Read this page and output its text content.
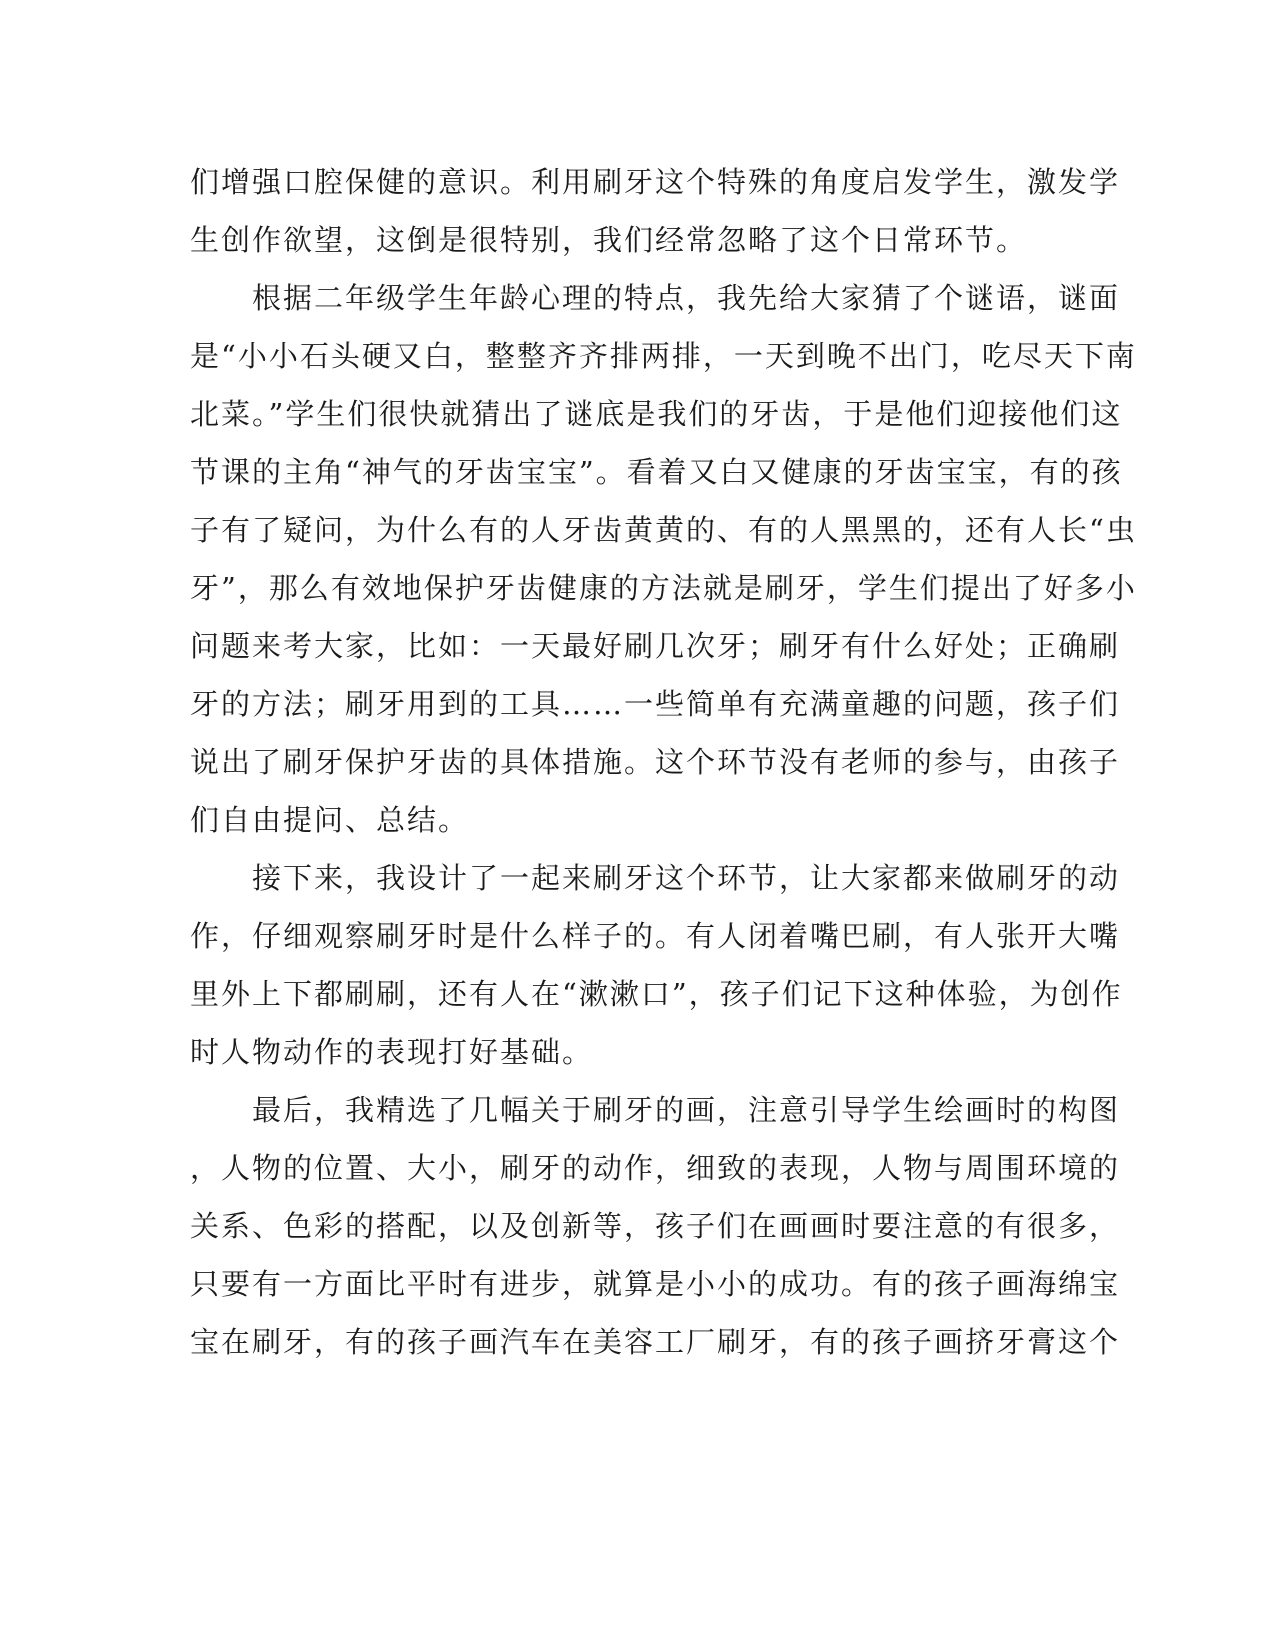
们增强口腔保健的意识。利用刷牙这个特殊的角度启发学生，激发学
生创作欲望，这倒是很特别，我们经常忽略了这个日常环节。
根据二年级学生年龄心理的特点，我先给大家猜了个谜语，谜面
是“小小石头硬又白，整整齐齐排两排，一天到晚不出门，吃尽天下南
北菜。”学生们很快就猜出了谜底是我们的牙齿，于是他们迎接他们这
节课的主角“神气的牙齿宝宝”。看着又白又健康的牙齿宝宝，有的孩
子有了疑问，为什么有的人牙齿黄黄的、有的人黑黑的，还有人长“虫
牙”，那么有效地保护牙齿健康的方法就是刷牙，学生们提出了好多小
问题来考大家，比如：一天最好刷几次牙；刷牙有什么好处；正确刷
牙的方法；刷牙用到的工具……一些简单有充满童趣的问题，孩子们
说出了刷牙保护牙齿的具体措施。这个环节没有老师的参与，由孩子
们自由提问、总结。
接下来，我设计了一起来刷牙这个环节，让大家都来做刷牙的动
作，仔细观察刷牙时是什么样子的。有人闭着嘴巴刷，有人张开大嘴
里外上下都刷刷，还有人在“漱漱口”，孩子们记下这种体验，为创作
时人物动作的表现打好基础。
最后，我精选了几幅关于刷牙的画，注意引导学生绘画时的构图
，人物的位置、大小，刷牙的动作，细致的表现，人物与周围环境的
关系、色彩的搭配，以及创新等，孩子们在画画时要注意的有很多，
只要有一方面比平时有进步，就算是小小的成功。有的孩子画海绵宝
宝在刷牙，有的孩子画汽车在美容工厂刷牙，有的孩子画挤牙膏这个
